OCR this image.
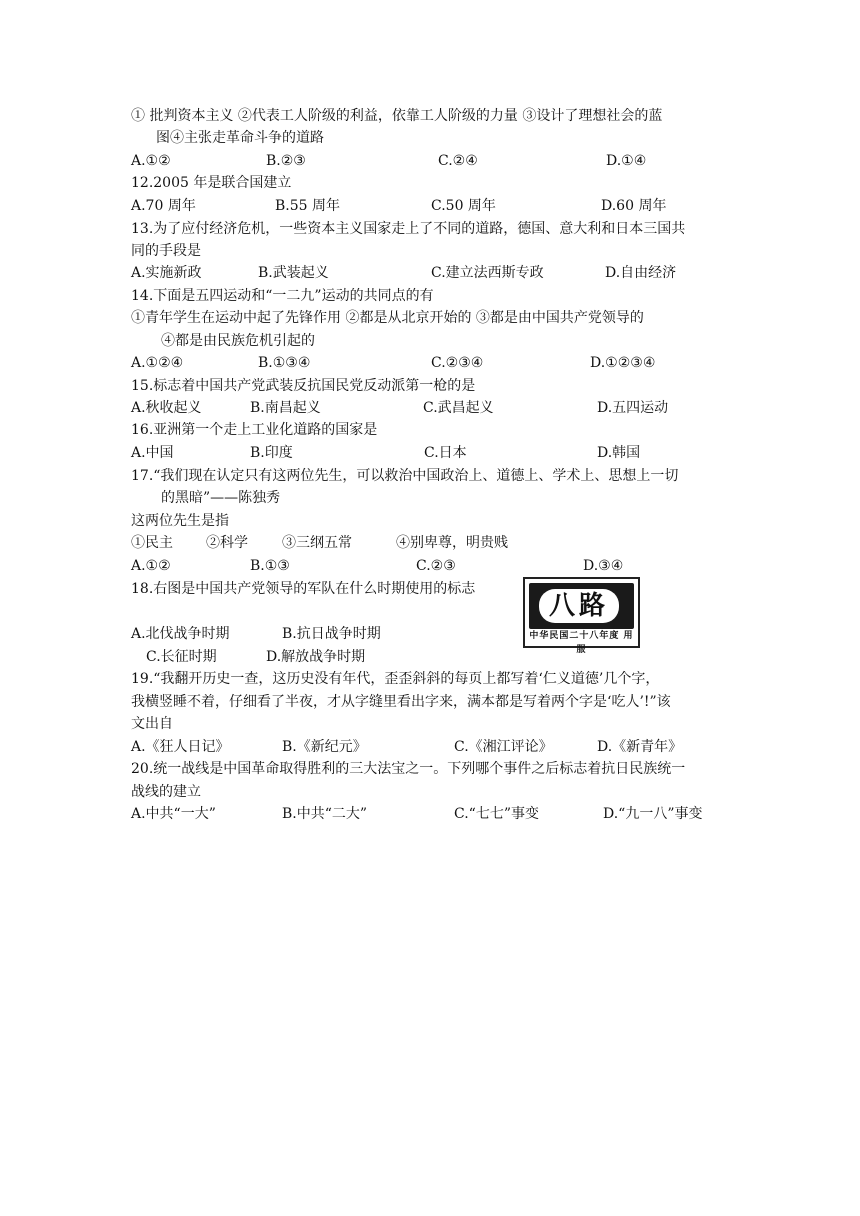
① 批判资本主义 ②代表工人阶级的利益，依靠工人阶级的力量 ③设计了理想社会的蓝
图④主张走革命斗争的道路
A.①②	B.②③	C.②④	D.①④
12.2005 年是联合国建立
A.70 周年	B.55 周年	C.50 周年	D.60 周年
13.为了应付经济危机，一些资本主义国家走上了不同的道路，德国、意大利和日本三国共
同的手段是
A.实施新政	B.武装起义	C.建立法西斯专政	D.自由经济
14.下面是五四运动和“一二九”运动的共同点的有
①青年学生在运动中起了先锋作用 ②都是从北京开始的 ③都是由中国共产党领导的
④都是由民族危机引起的
A.①②④	B.①③④	C.②③④	D.①②③④
15.标志着中国共产党武装反抗国民党反动派第一枪的是
A.秋收起义	B.南昌起义	C.武昌起义	D.五四运动
16.亚洲第一个走上工业化道路的国家是
A.中国	B.印度	C.日本	D.韩国
17.“我们现在认定只有这两位先生，可以救治中国政治上、道德上、学术上、思想上一切
的黑暗”——陈独秀
这两位先生是指
①民主 ②科学 ③三纲五常	④别卑尊，明贵贱
A.①②	B.①③	C.②③	D.③④
18.右图是中国共产党领导的军队在什么时期使用的标志
八路
中华民国二十八年度 用服
A.北伐战争时期	B.抗日战争时期
C.长征时期	D.解放战争时期
19.“我翻开历史一查，这历史没有年代，歪歪斜斜的每页上都写着‘仁义道德’几个字，
我横竖睡不着，仔细看了半夜，才从字缝里看出字来，满本都是写着两个字是‘吃人’!”该
文出自
A.《狂人日记》	B.《新纪元》	C.《湘江评论》	D.《新青年》
20.统一战线是中国革命取得胜利的三大法宝之一。下列哪个事件之后标志着抗日民族统一
战线的建立
A.中共“一大”	B.中共“二大”	C.“七七”事变	D.“九一八”事变
